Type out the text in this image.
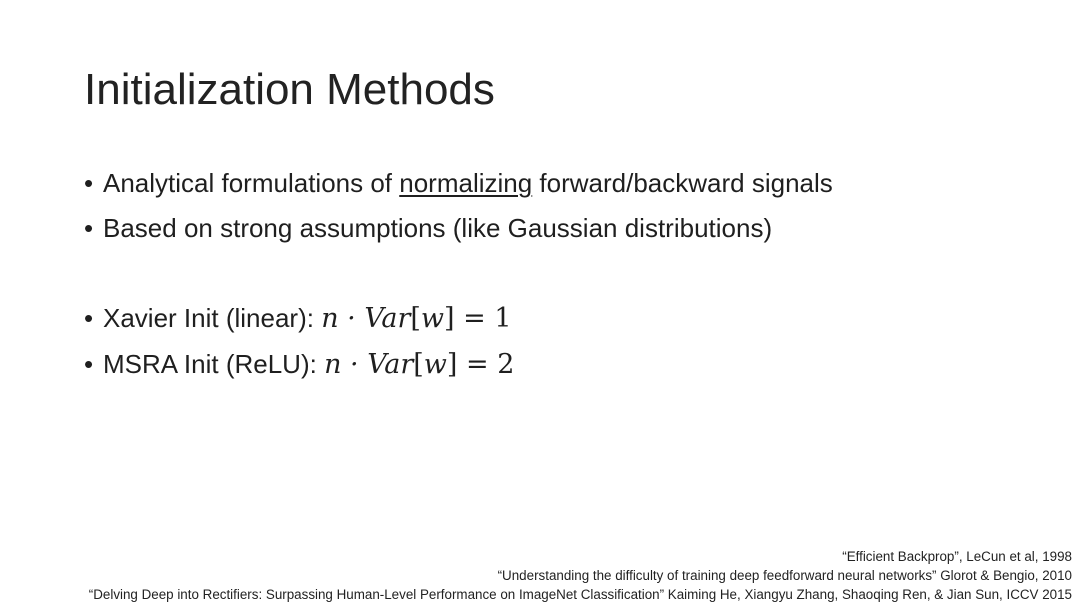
Initialization Methods
• Analytical formulations of normalizing forward/backward signals
• Based on strong assumptions (like Gaussian distributions)
• Xavier Init (linear): n · Var[w] = 1
• MSRA Init (ReLU): n · Var[w] = 2
“Efficient Backprop”, LeCun et al, 1998
“Understanding the difficulty of training deep feedforward neural networks” Glorot & Bengio, 2010
“Delving Deep into Rectifiers: Surpassing Human-Level Performance on ImageNet Classification” Kaiming He, Xiangyu Zhang, Shaoqing Ren, & Jian Sun, ICCV 2015
